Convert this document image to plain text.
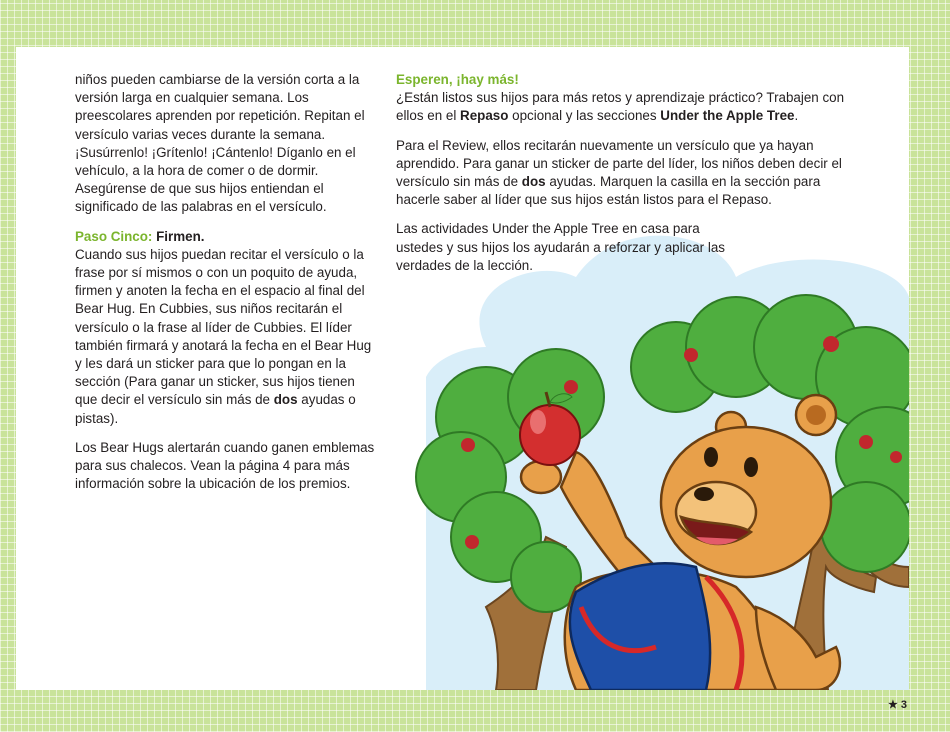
niños pueden cambiarse de la versión corta a la versión larga en cualquier semana. Los preescolares aprenden por repetición. Repitan el versículo varias veces durante la semana. ¡Susúrrenlo! ¡Grítenlo! ¡Cántenlo! Díganlo en el vehículo, a la hora de comer o de dormir. Asegúrense de que sus hijos entiendan el significado de las palabras en el versículo.

Paso Cinco: Firmen.

Cuando sus hijos puedan recitar el versículo o la frase por sí mismos o con un poquito de ayuda, firmen y anoten la fecha en el espacio al final del Bear Hug. En Cubbies, sus niños recitarán el versículo o la frase al líder de Cubbies. El líder también firmará y anotará la fecha en el Bear Hug y les dará un sticker para que lo pongan en la sección (Para ganar un sticker, sus hijos tienen que decir el versículo sin más de dos ayudas o pistas).

Los Bear Hugs alertarán cuando ganen emblemas para sus chalecos. Vean la página 4 para más información sobre la ubicación de los premios.

Esperen, ¡hay más!

¿Están listos sus hijos para más retos y aprendizaje práctico? Trabajen con ellos en el Repaso opcional y las secciones Under the Apple Tree.

Para el Review, ellos recitarán nuevamente un versículo que ya hayan aprendido. Para ganar un sticker de parte del líder, los niños deben decir el versículo sin más de dos ayudas. Marquen la casilla en la sección para hacerle saber al líder que sus hijos están listos para el Repaso.

Las actividades Under the Apple Tree en casa para ustedes y sus hijos los ayudarán a reforzar y aplicar las verdades de la lección.

★ 3
